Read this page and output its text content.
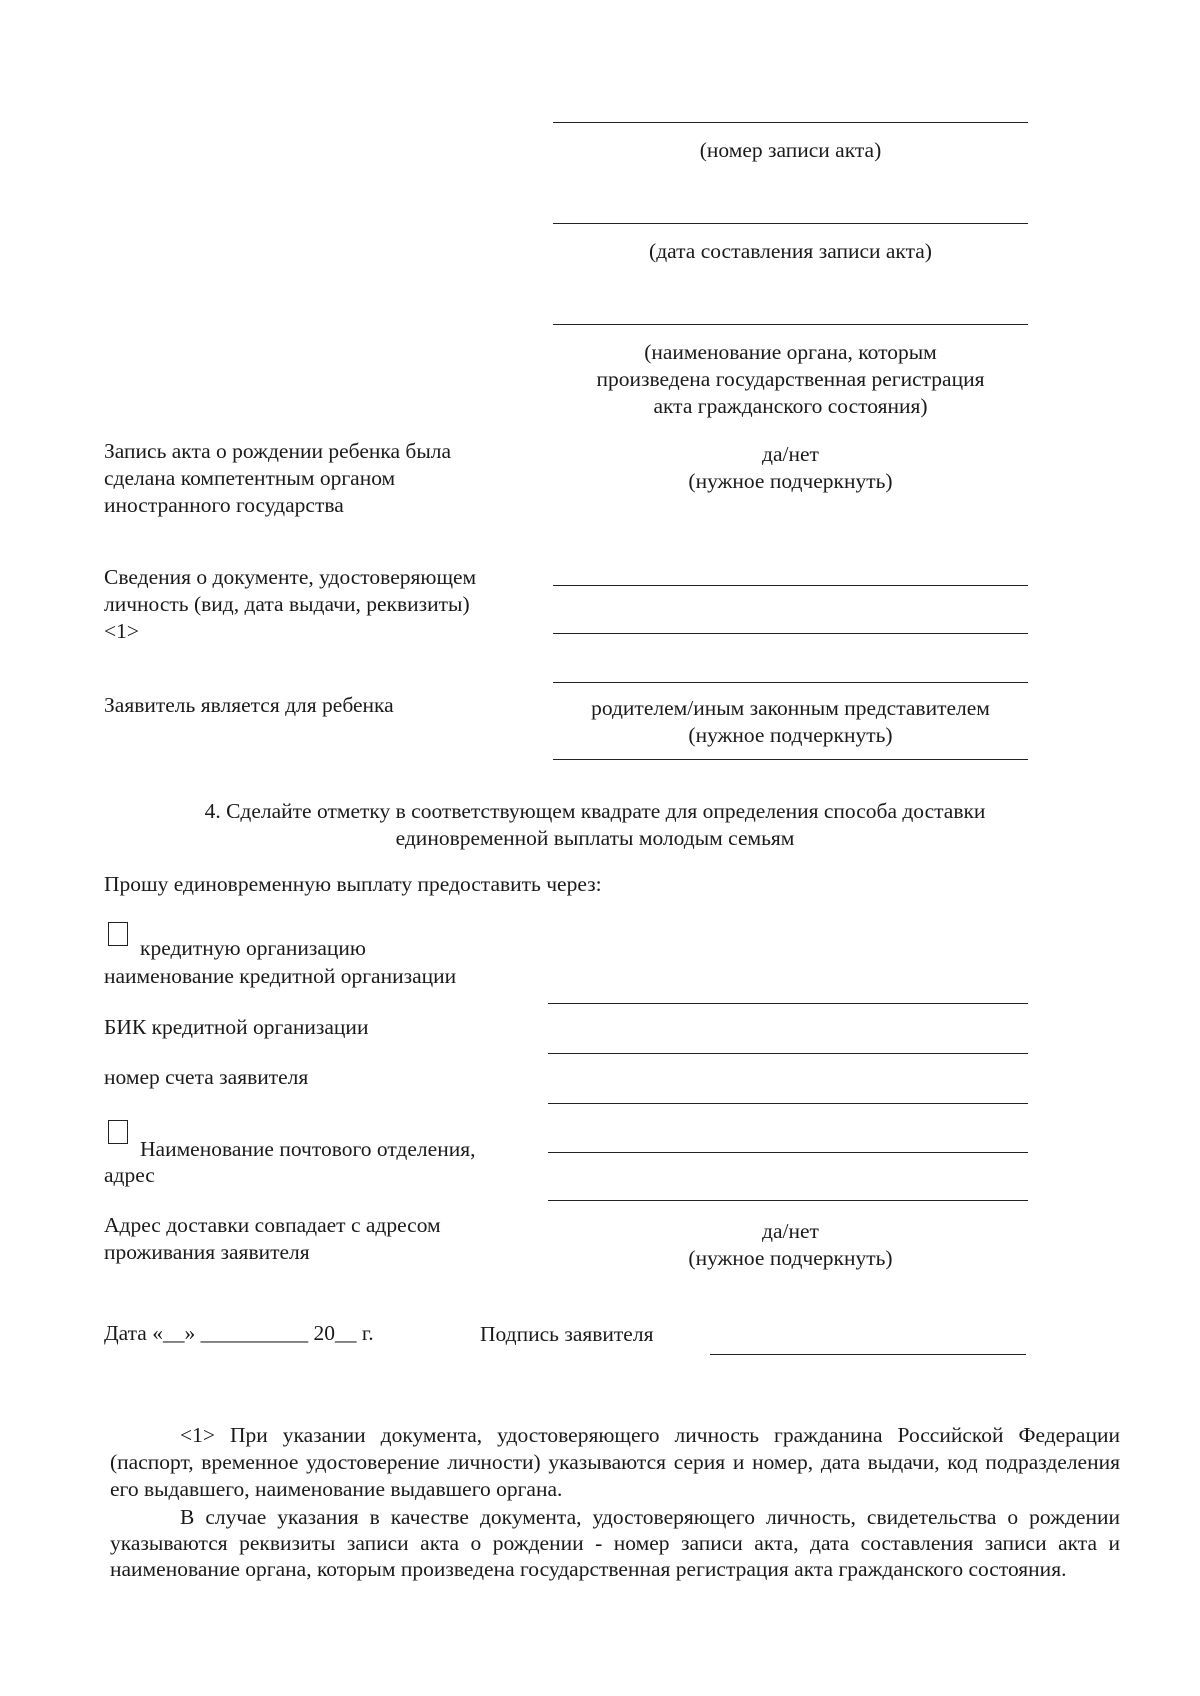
(номер записи акта)
(дата составления записи акта)
(наименование органа, которым
произведена государственная регистрация
акта гражданского состояния)
Запись акта о рождении ребенка была
сделана компетентным органом
иностранного государства
да/нет
(нужное подчеркнуть)
Сведения о документе, удостоверяющем
личность (вид, дата выдачи, реквизиты)
<1>
Заявитель является для ребенка	родителем/иным законным представителем
(нужное подчеркнуть)
4. Сделайте отметку в соответствующем квадрате для определения способа доставки
единовременной выплаты молодым семьям
Прошу единовременную выплату предоставить через:
кредитную организацию
наименование кредитной организации
БИК кредитной организации
номер счета заявителя
Наименование почтового отделения,
адрес
Адрес доставки совпадает с адресом
проживания заявителя
да/нет
(нужное подчеркнуть)
Дата «__» __________ 20__ г.	Подпись заявителя
<1> При указании документа, удостоверяющего личность гражданина Российской Федерации (паспорт, временное удостоверение личности) указываются серия и номер, дата выдачи, код подразделения его выдавшего, наименование выдавшего органа.
В случае указания в качестве документа, удостоверяющего личность, свидетельства о рождении указываются реквизиты записи акта о рождении - номер записи акта, дата составления записи акта и наименование органа, которым произведена государственная регистрация акта гражданского состояния.
